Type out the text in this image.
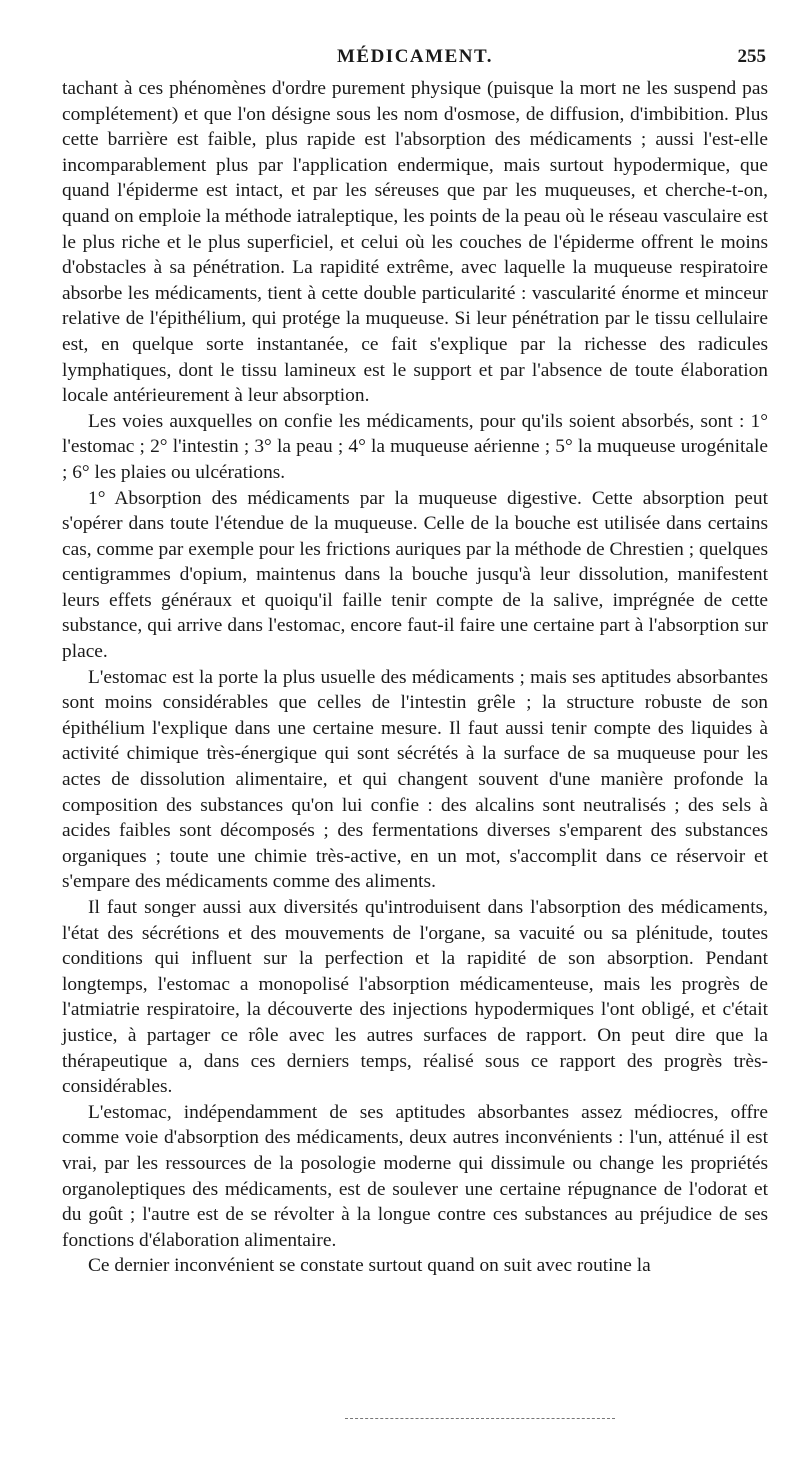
MÉDICAMENT.	255

tachant à ces phénomènes d'ordre purement physique (puisque la mort ne les suspend pas complétement) et que l'on désigne sous les nom d'osmose, de diffusion, d'imbibition. Plus cette barrière est faible, plus rapide est l'absorption des médicaments ; aussi l'est-elle incomparablement plus par l'application endermique, mais surtout hypodermique, que quand l'épiderme est intact, et par les séreuses que par les muqueuses, et cherche-t-on, quand on emploie la méthode iatraleptique, les points de la peau où le réseau vasculaire est le plus riche et le plus superficiel, et celui où les couches de l'épiderme offrent le moins d'obstacles à sa pénétration. La rapidité extrême, avec laquelle la muqueuse respiratoire absorbe les médicaments, tient à cette double particularité : vascularité énorme et minceur relative de l'épithélium, qui protége la muqueuse. Si leur pénétration par le tissu cellulaire est, en quelque sorte instantanée, ce fait s'explique par la richesse des radicules lymphatiques, dont le tissu lamineux est le support et par l'absence de toute élaboration locale antérieurement à leur absorption.

Les voies auxquelles on confie les médicaments, pour qu'ils soient absorbés, sont : 1° l'estomac ; 2° l'intestin ; 3° la peau ; 4° la muqueuse aérienne ; 5° la muqueuse urogénitale ; 6° les plaies ou ulcérations.

1° Absorption des médicaments par la muqueuse digestive. Cette absorption peut s'opérer dans toute l'étendue de la muqueuse. Celle de la bouche est utilisée dans certains cas, comme par exemple pour les frictions auriques par la méthode de Chrestien ; quelques centigrammes d'opium, maintenus dans la bouche jusqu'à leur dissolution, manifestent leurs effets généraux et quoiqu'il faille tenir compte de la salive, imprégnée de cette substance, qui arrive dans l'estomac, encore faut-il faire une certaine part à l'absorption sur place.

L'estomac est la porte la plus usuelle des médicaments ; mais ses aptitudes absorbantes sont moins considérables que celles de l'intestin grêle ; la structure robuste de son épithélium l'explique dans une certaine mesure. Il faut aussi tenir compte des liquides à activité chimique très-énergique qui sont sécrétés à la surface de sa muqueuse pour les actes de dissolution alimentaire, et qui changent souvent d'une manière profonde la composition des substances qu'on lui confie : des alcalins sont neutralisés ; des sels à acides faibles sont décomposés ; des fermentations diverses s'emparent des substances organiques ; toute une chimie très-active, en un mot, s'accomplit dans ce réservoir et s'empare des médicaments comme des aliments.

Il faut songer aussi aux diversités qu'introduisent dans l'absorption des médicaments, l'état des sécrétions et des mouvements de l'organe, sa vacuité ou sa plénitude, toutes conditions qui influent sur la perfection et la rapidité de son absorption. Pendant longtemps, l'estomac a monopolisé l'absorption médicamenteuse, mais les progrès de l'atmiatrie respiratoire, la découverte des injections hypodermiques l'ont obligé, et c'était justice, à partager ce rôle avec les autres surfaces de rapport. On peut dire que la thérapeutique a, dans ces derniers temps, réalisé sous ce rapport des progrès très-considérables.

L'estomac, indépendamment de ses aptitudes absorbantes assez médiocres, offre comme voie d'absorption des médicaments, deux autres inconvénients : l'un, atténué il est vrai, par les ressources de la posologie moderne qui dissimule ou change les propriétés organoleptiques des médicaments, est de soulever une certaine répugnance de l'odorat et du goût ; l'autre est de se révolter à la longue contre ces substances au préjudice de ses fonctions d'élaboration alimentaire.

Ce dernier inconvénient se constate surtout quand on suit avec routine la
